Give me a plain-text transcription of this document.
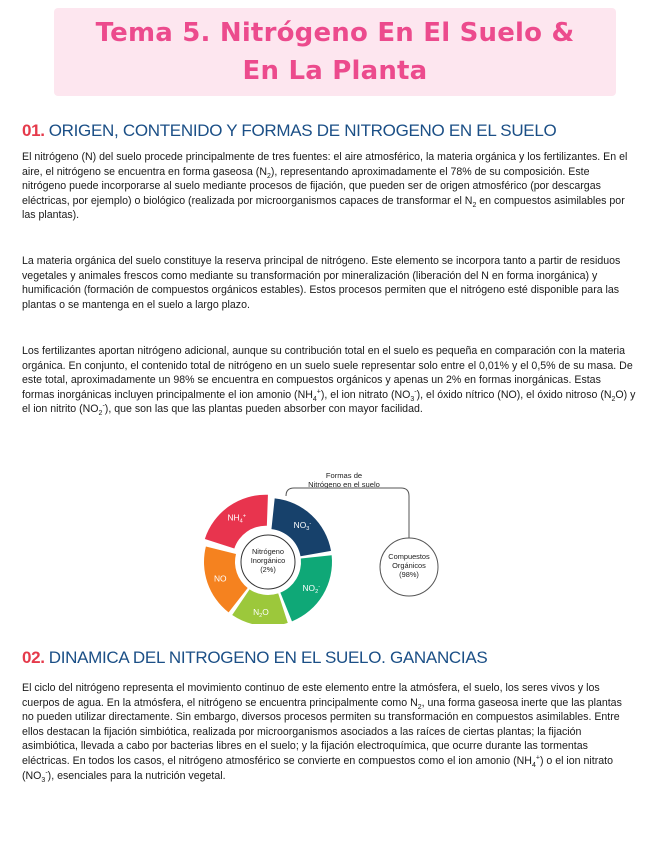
Tema 5. Nitrógeno En El Suelo & En La Planta
01. ORIGEN, CONTENIDO Y FORMAS DE NITROGENO EN EL SUELO

El nitrógeno (N) del suelo procede principalmente de tres fuentes: el aire atmosférico, la materia orgánica y los fertilizantes. En el aire, el nitrógeno se encuentra en forma gaseosa $(N_2)$, representando aproximadamente el 78% de su composición. Este nitrógeno puede incorporarse al suelo mediante procesos de fijación, que pueden ser de origen atmosférico (por descargas eléctricas, por ejemplo) o biológico (realizada por microorganismos capaces de transformar el $N_2$ en compuestos asimilables por las plantas).

La materia orgánica del suelo constituye la reserva principal de nitrógeno. Este elemento se incorpora tanto a partir de residuos vegetales y animales frescos como mediante su transformación por mineralización (liberación del N en forma inorgánica) y humificación (formación de compuestos orgánicos estables). Estos procesos permiten que el nitrógeno esté disponible para las plantas o se mantenga en el suelo a largo plazo.

Los fertilizantes aportan nitrógeno adicional, aunque su contribución total en el suelo es pequeña en comparación con la materia orgánica. En conjunto, el contenido total de nitrógeno en un suelo suele representar solo entre el 0,01% y el 0,5% de su masa. De este total, aproximadamente un 98% se encuentra en compuestos orgánicos y apenas un 2% en formas inorgánicas. Estas formas inorgánicas incluyen principalmente el ion amonio $(NH_4^+)$, el ion nitrato $(NO_3^-)$, el óxido nítrico (NO), el óxido nitroso $(N_2O)$ y el ion nitrito $(NO_2^-)$, que son las que las plantas pueden absorber con mayor facilidad.

Formas de
Nitrógeno en el suelo
$NH_4^+$
$NO_3^-$
$NO_2^-$
$N_2O$
NO
Nitrógeno
Inorgánico
(2%)
Compuestos
Orgánicos
(98%)
02. DINAMICA DEL NITROGENO EN EL SUELO. GANANCIAS

El ciclo del nitrógeno representa el movimiento continuo de este elemento entre la atmósfera, el suelo, los seres vivos y los cuerpos de agua. En la atmósfera, el nitrógeno se encuentra principalmente como $N_2$, una forma gaseosa inerte que las plantas no pueden utilizar directamente. Sin embargo, diversos procesos permiten su transformación en compuestos asimilables. Entre ellos destacan la fijación simbiótica, realizada por microorganismos asociados a las raíces de ciertas plantas; la fijación asimbiótica, llevada a cabo por bacterias libres en el suelo; y la fijación electroquímica, que ocurre durante las tormentas eléctricas. En todos los casos, el nitrógeno atmosférico se convierte en compuestos como el ion amonio $(NH_4^+)$ o el ion nitrato $(NO_3^-)$, esenciales para la nutrición vegetal.
